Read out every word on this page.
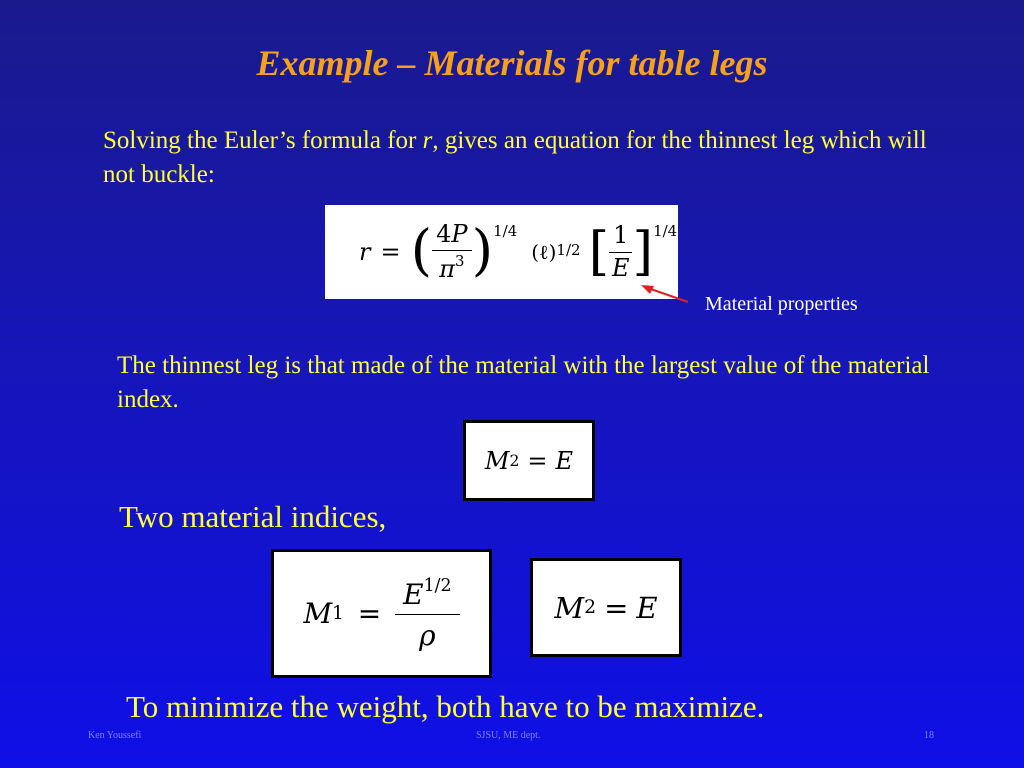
Example – Materials for table legs
Solving the Euler’s formula for r, gives an equation for the thinnest leg which will not buckle:
r = ( $\frac{4P}{\pi^3}$ ) 1/4
(ℓ) 1/2 [ $\frac{1}{E}$ ] 1/4
Material properties
The thinnest leg is that made of the material with the largest value of the material index.
M 2 = E
Two material indices,
M $1 = \frac{E^{1/2}}{\rho}$	M 2 = E
To minimize the weight, both have to be maximize.
Ken Youssefi	SJSU, ME dept.	18
